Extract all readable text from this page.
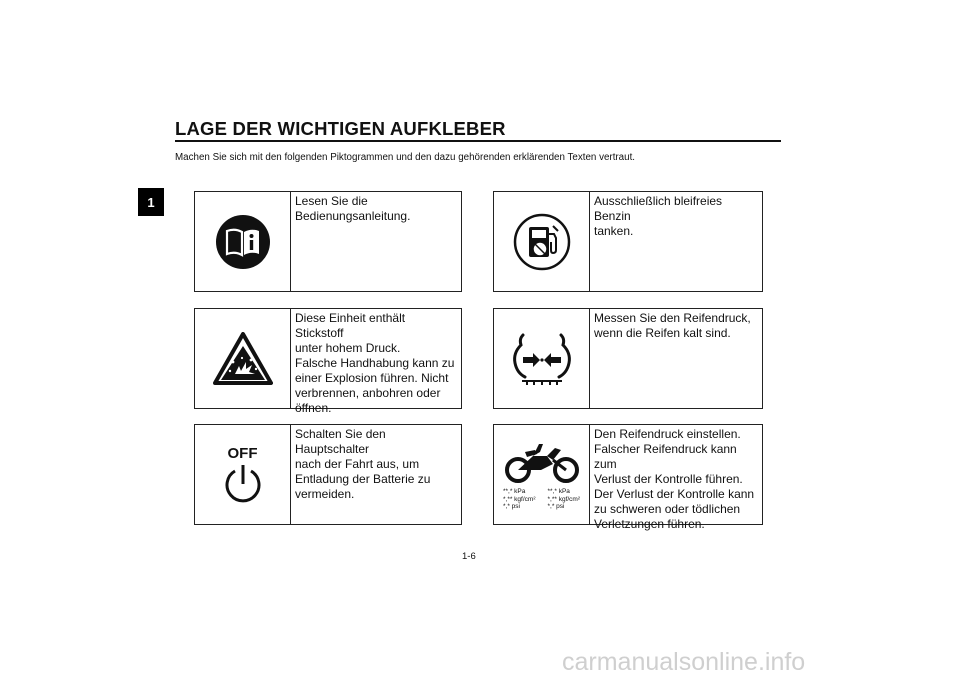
LAGE DER WICHTIGEN AUFKLEBER
Machen Sie sich mit den folgenden Piktogrammen und den dazu gehörenden erklärenden Texten vertraut.
1	Lesen Sie die
Bedienungsanleitung.
Diese Einheit enthält Stickstoff
unter hohem Druck.
Falsche Handhabung kann zu
einer Explosion führen. Nicht
verbrennen, anbohren oder
öffnen.
OFF
Schalten Sie den Hauptschalter
nach der Fahrt aus, um
Entladung der Batterie zu
vermeiden.
Ausschließlich bleifreies Benzin
tanken.
Messen Sie den Reifendruck,
wenn die Reifen kalt sind.
**,* kPa
*,** kgf/cm²
*,* psi
**,* kPa
*,** kgf/cm²
*,* psi
Den Reifendruck einstellen.
Falscher Reifendruck kann zum
Verlust der Kontrolle führen.
Der Verlust der Kontrolle kann
zu schweren oder tödlichen
Verletzungen führen.
1-6
carmanualsonline.info
